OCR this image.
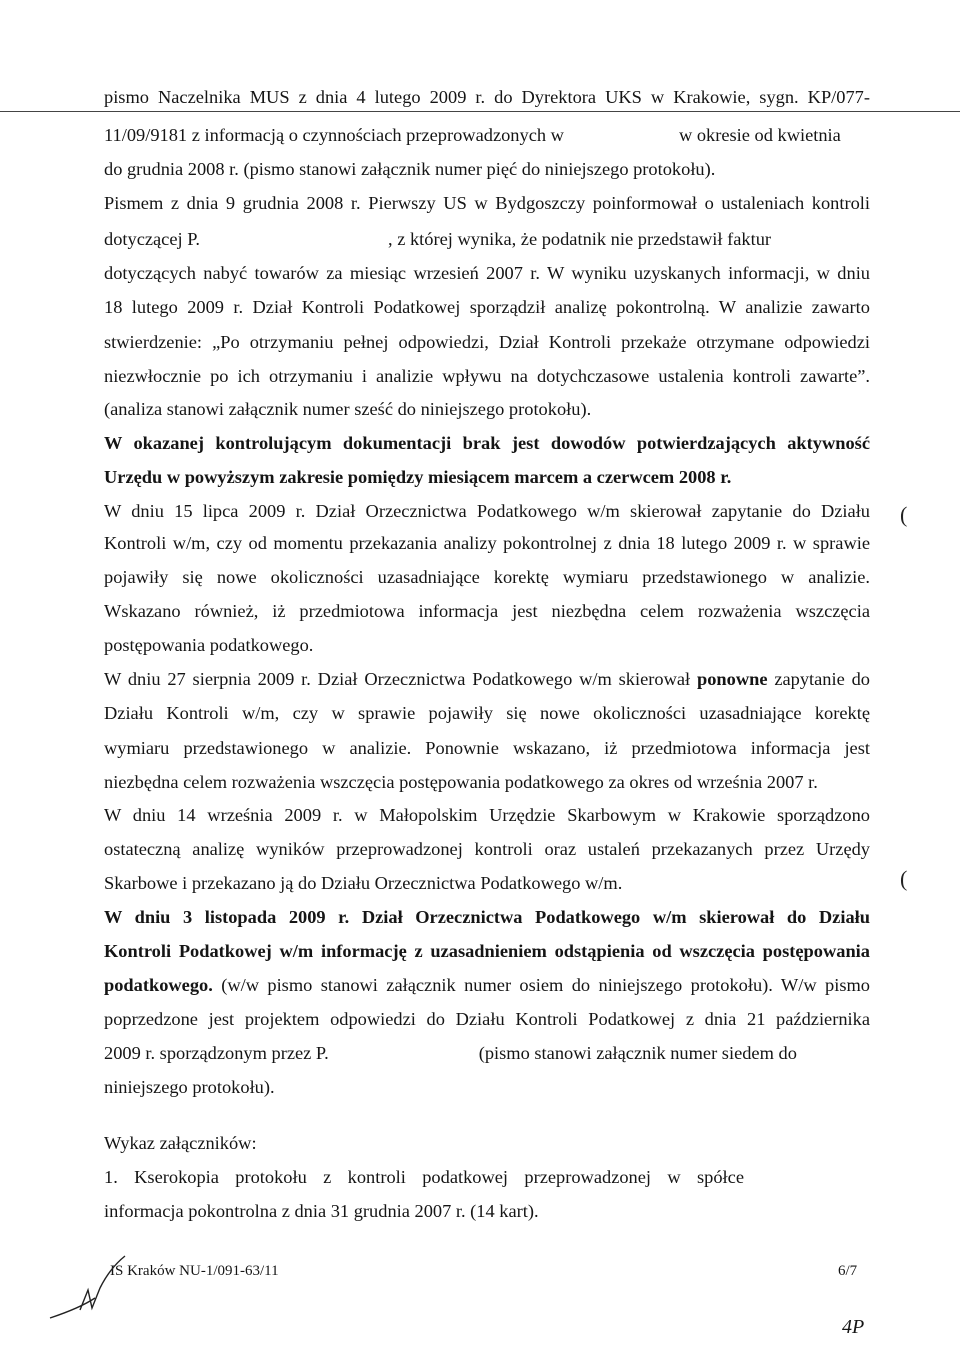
pismo Naczelnika MUS z dnia 4 lutego 2009 r. do Dyrektora UKS w Krakowie, sygn. KP/077-
11/09/9181 z informacją o czynnościach przeprowadzonych w	w okresie od kwietnia
do grudnia 2008 r. (pismo stanowi załącznik numer pięć do niniejszego protokołu).
Pismem z dnia 9 grudnia 2008 r. Pierwszy US w Bydgoszczy poinformował o ustaleniach kontroli
dotyczącej P.	, z której wynika, że podatnik nie przedstawił faktur
dotyczących nabyć towarów za miesiąc wrzesień 2007 r. W wyniku uzyskanych informacji, w dniu
18 lutego 2009 r. Dział Kontroli Podatkowej sporządził analizę pokontrolną. W analizie zawarto
stwierdzenie: „Po otrzymaniu pełnej odpowiedzi, Dział Kontroli przekaże otrzymane odpowiedzi
niezwłocznie po ich otrzymaniu i analizie wpływu na dotychczasowe ustalenia kontroli zawarte”.
(analiza stanowi załącznik numer sześć do niniejszego protokołu).
W okazanej kontrolującym dokumentacji brak jest dowodów potwierdzających aktywność
Urzędu w powyższym zakresie pomiędzy miesiącem marcem a czerwcem 2008 r.
W dniu 15 lipca 2009 r. Dział Orzecznictwa Podatkowego w/m skierował zapytanie do Działu
Kontroli w/m, czy od momentu przekazania analizy pokontrolnej z dnia 18 lutego 2009 r. w sprawie
pojawiły się nowe okoliczności uzasadniające korektę wymiaru przedstawionego w analizie.
Wskazano również, iż przedmiotowa informacja jest niezbędna celem rozważenia wszczęcia
postępowania podatkowego.
W dniu 27 sierpnia 2009 r. Dział Orzecznictwa Podatkowego w/m skierował ponowne zapytanie do
Działu Kontroli w/m, czy w sprawie pojawiły się nowe okoliczności uzasadniające korektę
wymiaru przedstawionego w analizie. Ponownie wskazano, iż przedmiotowa informacja jest
niezbędna celem rozważenia wszczęcia postępowania podatkowego za okres od września 2007 r.
W dniu 14 września 2009 r. w Małopolskim Urzędzie Skarbowym w Krakowie sporządzono
ostateczną analizę wyników przeprowadzonej kontroli oraz ustaleń przekazanych przez Urzędy
Skarbowe i przekazano ją do Działu Orzecznictwa Podatkowego w/m.
W dniu 3 listopada 2009 r. Dział Orzecznictwa Podatkowego w/m skierował do Działu
Kontroli Podatkowej w/m informację z uzasadnieniem odstąpienia od wszczęcia postępowania
podatkowego. (w/w pismo stanowi załącznik numer osiem do niniejszego protokołu). W/w pismo
poprzedzone jest projektem odpowiedzi do Działu Kontroli Podatkowej z dnia 21 października
2009 r. sporządzonym przez P.	(pismo stanowi załącznik numer siedem do
niniejszego protokołu).
Wykaz załączników:
1. Kserokopia protokołu z kontroli podatkowej przeprowadzonej w spółce
informacja pokontrolna z dnia 31 grudnia 2007 r. (14 kart).
(
(
IS Kraków NU-1/091-63/11	6/7
4P
